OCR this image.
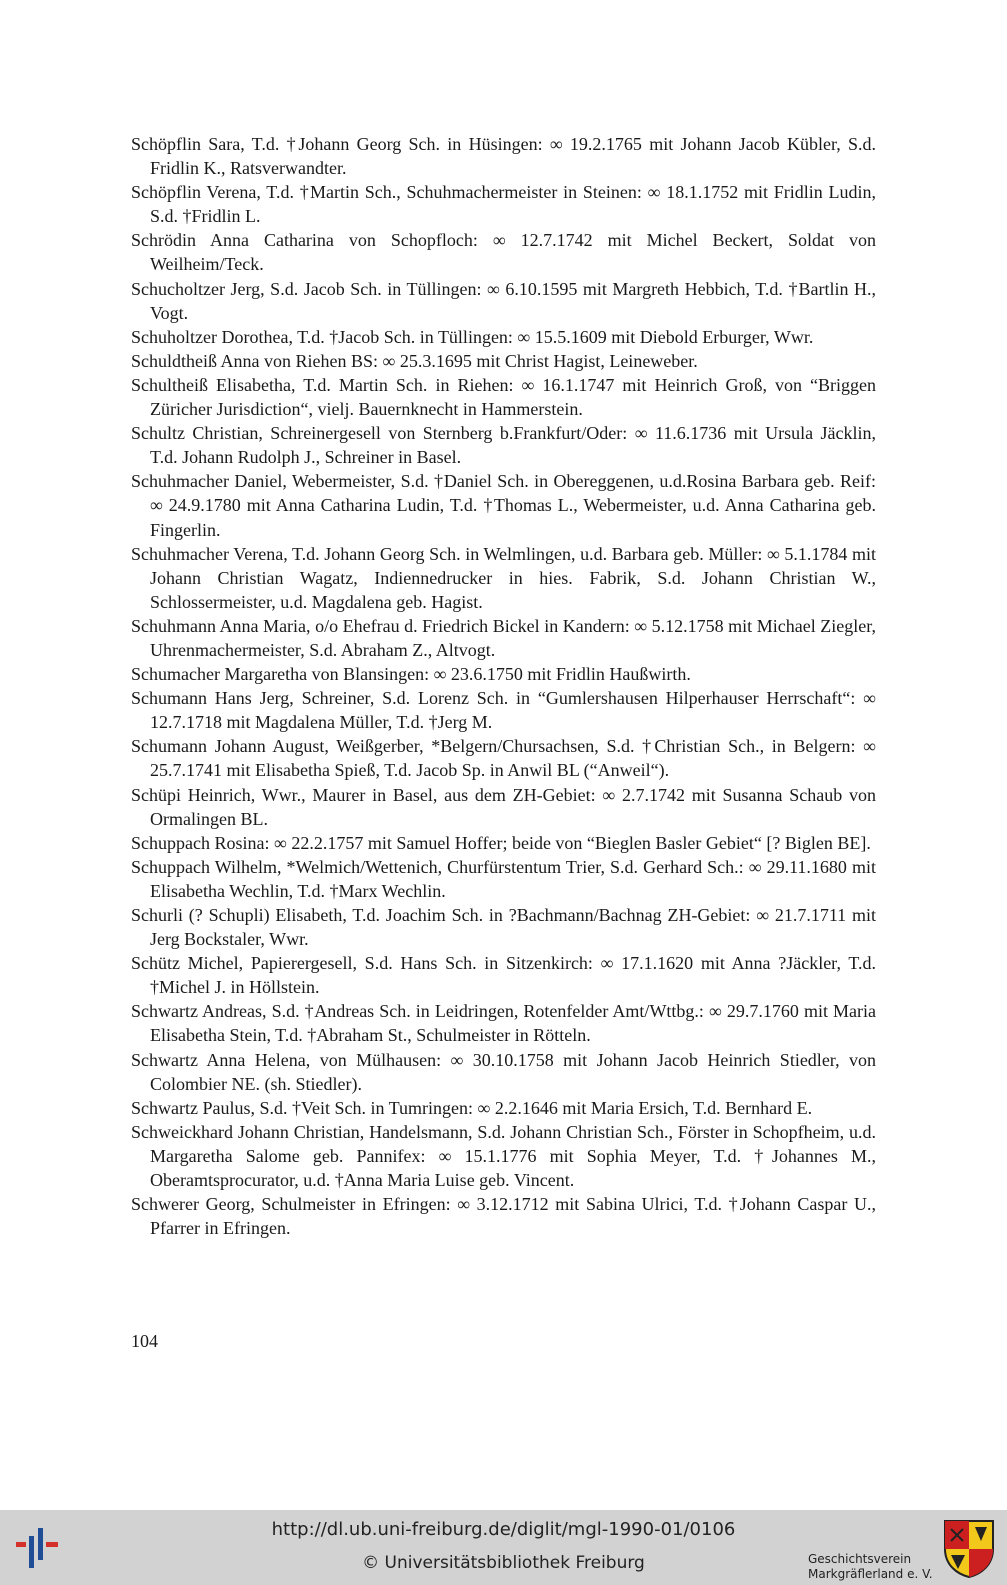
Schöpflin Sara, T.d. †Johann Georg Sch. in Hüsingen: ∞ 19.2.1765 mit Johann Jacob Kübler, S.d. Fridlin K., Ratsverwandter.

Schöpflin Verena, T.d. †Martin Sch., Schuhmachermeister in Steinen: ∞ 18.1.1752 mit Fridlin Ludin, S.d. †Fridlin L.

Schrödin Anna Catharina von Schopfloch: ∞ 12.7.1742 mit Michel Beckert, Soldat von Weilheim/Teck.

Schucholtzer Jerg, S.d. Jacob Sch. in Tüllingen: ∞ 6.10.1595 mit Margreth Hebbich, T.d. †Bartlin H., Vogt.

Schuholtzer Dorothea, T.d. †Jacob Sch. in Tüllingen: ∞ 15.5.1609 mit Diebold Erburger, Wwr.

Schuldtheiß Anna von Riehen BS: ∞ 25.3.1695 mit Christ Hagist, Leineweber.

Schultheiß Elisabetha, T.d. Martin Sch. in Riehen: ∞ 16.1.1747 mit Heinrich Groß, von “Briggen Züricher Jurisdiction“, vielj. Bauernknecht in Hammerstein.

Schultz Christian, Schreinergesell von Sternberg b.Frankfurt/Oder: ∞ 11.6.1736 mit Ursula Jäcklin, T.d. Johann Rudolph J., Schreiner in Basel.

Schuhmacher Daniel, Webermeister, S.d. †Daniel Sch. in Obereggenen, u.d.Rosina Barbara geb. Reif: ∞ 24.9.1780 mit Anna Catharina Ludin, T.d. †Thomas L., Webermeister, u.d. Anna Catharina geb. Fingerlin.

Schuhmacher Verena, T.d. Johann Georg Sch. in Welmlingen, u.d. Barbara geb. Müller: ∞ 5.1.1784 mit Johann Christian Wagatz, Indiennedrucker in hies. Fabrik, S.d. Johann Christian W., Schlossermeister, u.d. Magdalena geb. Hagist.

Schuhmann Anna Maria, o/o Ehefrau d. Friedrich Bickel in Kandern: ∞ 5.12.1758 mit Michael Ziegler, Uhrenmachermeister, S.d. Abraham Z., Altvogt.

Schumacher Margaretha von Blansingen: ∞ 23.6.1750 mit Fridlin Haußwirth.

Schumann Hans Jerg, Schreiner, S.d. Lorenz Sch. in “Gumlershausen Hilperhauser Herrschaft“: ∞ 12.7.1718 mit Magdalena Müller, T.d. †Jerg M.

Schumann Johann August, Weißgerber, *Belgern/Chursachsen, S.d. †Christian Sch., in Belgern: ∞ 25.7.1741 mit Elisabetha Spieß, T.d. Jacob Sp. in Anwil BL (“Anweil“).

Schüpi Heinrich, Wwr., Maurer in Basel, aus dem ZH-Gebiet: ∞ 2.7.1742 mit Susanna Schaub von Ormalingen BL.

Schuppach Rosina: ∞ 22.2.1757 mit Samuel Hoffer; beide von “Bieglen Basler Gebiet“ [? Biglen BE].

Schuppach Wilhelm, *Welmich/Wettenich, Churfürstentum Trier, S.d. Gerhard Sch.: ∞ 29.11.1680 mit Elisabetha Wechlin, T.d. †Marx Wechlin.

Schurli (? Schupli) Elisabeth, T.d. Joachim Sch. in ?Bachmann/Bachnag ZH-Gebiet: ∞ 21.7.1711 mit Jerg Bockstaler, Wwr.

Schütz Michel, Papierergesell, S.d. Hans Sch. in Sitzenkirch: ∞ 17.1.1620 mit Anna ?Jäckler, T.d. †Michel J. in Höllstein.

Schwartz Andreas, S.d. †Andreas Sch. in Leidringen, Rotenfelder Amt/Wttbg.: ∞ 29.7.1760 mit Maria Elisabetha Stein, T.d. †Abraham St., Schulmeister in Rötteln.

Schwartz Anna Helena, von Mülhausen: ∞ 30.10.1758 mit Johann Jacob Heinrich Stiedler, von Colombier NE. (sh. Stiedler).

Schwartz Paulus, S.d. †Veit Sch. in Tumringen: ∞ 2.2.1646 mit Maria Ersich, T.d. Bernhard E.

Schweickhard Johann Christian, Handelsmann, S.d. Johann Christian Sch., Förster in Schopfheim, u.d. Margaretha Salome geb. Pannifex: ∞ 15.1.1776 mit Sophia Meyer, T.d. †Johannes M., Oberamtsprocurator, u.d. †Anna Maria Luise geb. Vincent.

Schwerer Georg, Schulmeister in Efringen: ∞ 3.12.1712 mit Sabina Ulrici, T.d. †Johann Caspar U., Pfarrer in Efringen.

104
http://dl.ub.uni-freiburg.de/diglit/mgl-1990-01/0106
© Universitätsbibliothek Freiburg	Geschichtsverein
Markgräflerland e. V.
